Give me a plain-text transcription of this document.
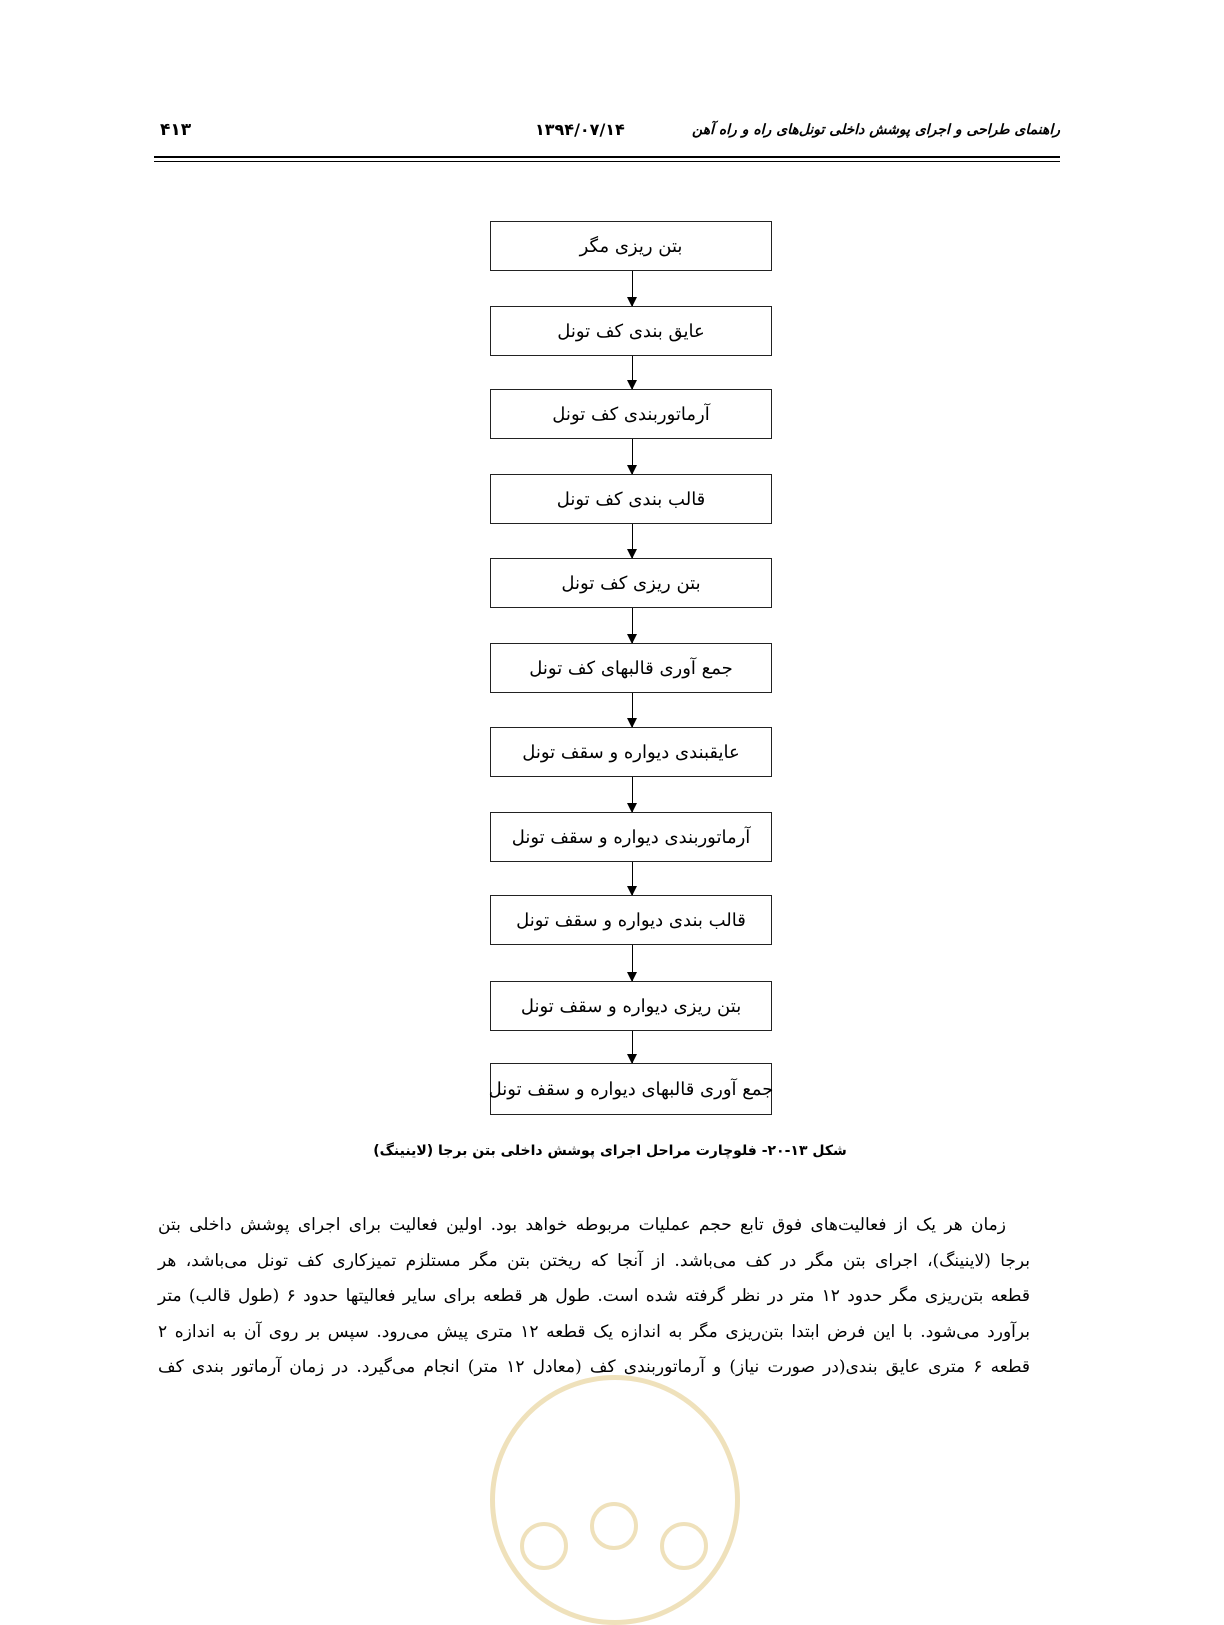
راهنمای طراحی و اجرای پوشش داخلی تونل‌های راه و راه آهن
۱۳۹۴/۰۷/۱۴
۴۱۳
بتن ریزی مگر
عایق بندی کف تونل
آرماتوربندی کف تونل
قالب بندی کف تونل
بتن ریزی کف تونل
جمع آوری قالبهای کف تونل
عایقبندی دیواره و سقف تونل
آرماتوربندی دیواره و سقف تونل
قالب بندی دیواره و سقف تونل
بتن ریزی دیواره و سقف تونل
جمع آوری قالبهای دیواره و سقف تونل
شکل ۱۳-۲۰- فلوچارت مراحل اجرای پوشش داخلی بتن برجا (لاینینگ)
زمان هر یک از فعالیت‌های فوق تابع حجم عملیات مربوطه خواهد بود. اولین فعالیت برای اجرای پوشش داخلی بتن
برجا (لاینینگ)، اجرای بتن مگر در کف می‌باشد. از آنجا که ریختن بتن مگر مستلزم تمیزکاری کف تونل می‌باشد، هر
قطعه بتن‌ریزی مگر حدود ۱۲ متر در نظر گرفته شده است. طول هر قطعه برای سایر فعالیتها حدود ۶ (طول قالب) متر
برآورد می‌شود. با این فرض ابتدا بتن‌ریزی مگر به اندازه یک قطعه ۱۲ متری پیش می‌رود. سپس بر روی آن به اندازه ۲
قطعه ۶ متری عایق بندی(در صورت نیاز) و آرماتوربندی کف (معادل ۱۲ متر) انجام می‌گیرد. در زمان آرماتور بندی کف
